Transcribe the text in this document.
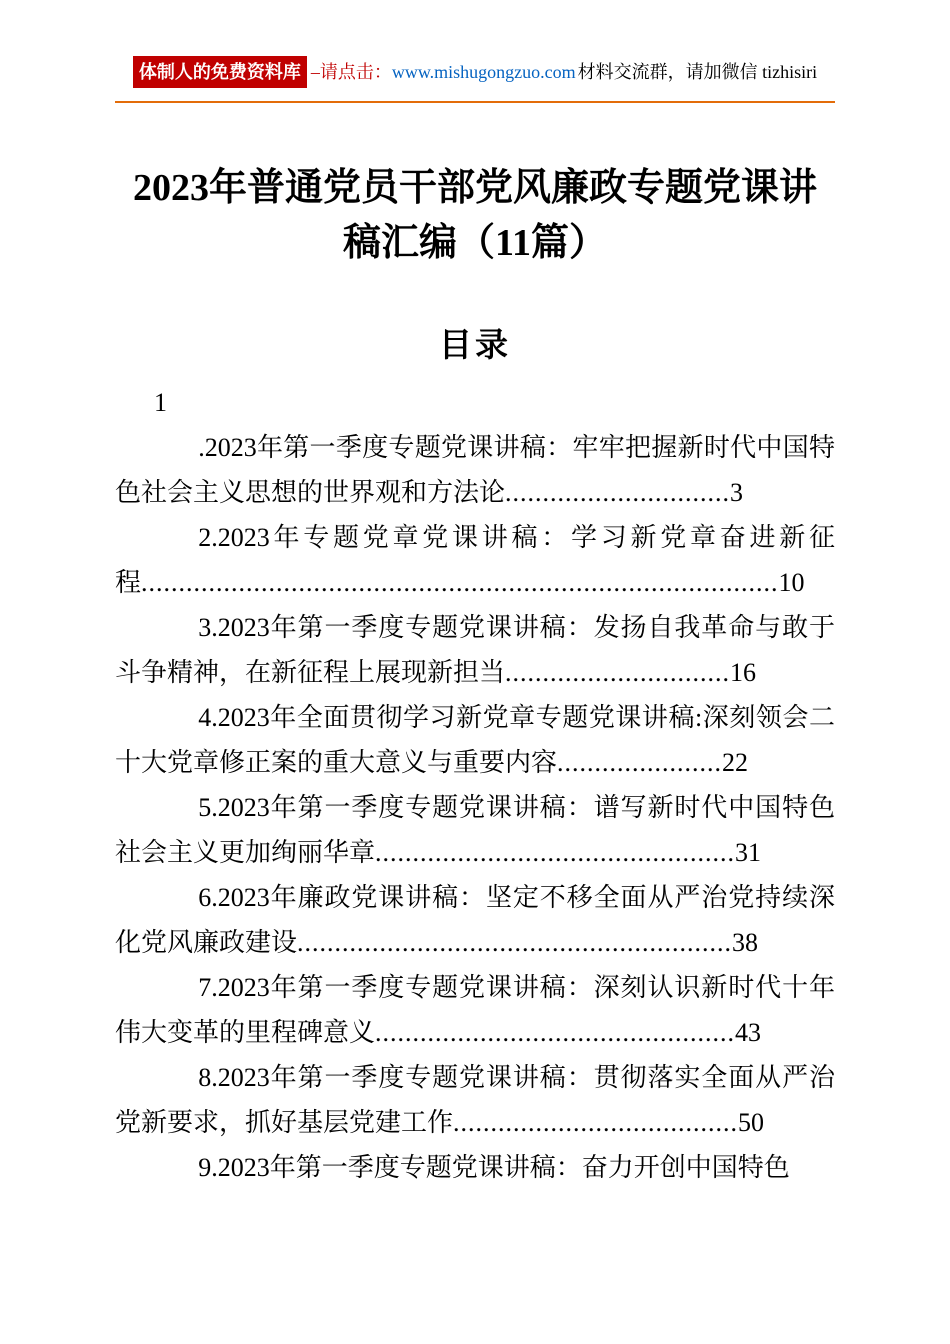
体制人的免费资料库 –请点击： www.mishugongzuo.com 材料交流群，请加微信 tizhisiri
2023年普通党员干部党风廉政专题党课讲稿汇编（11篇）
目录

1

.2023年第一季度专题党课讲稿：牢牢把握新时代中国特色社会主义思想的世界观和方法论..............................3

2.2023年专题党章党课讲稿：学习新党章奋进新征程.....................................................................................10

3.2023年第一季度专题党课讲稿：发扬自我革命与敢于斗争精神，在新征程上展现新担当..............................16

4.2023年全面贯彻学习新党章专题党课讲稿:深刻领会二十大党章修正案的重大意义与重要内容......................22

5.2023年第一季度专题党课讲稿：谱写新时代中国特色社会主义更加绚丽华章................................................31

6.2023年廉政党课讲稿：坚定不移全面从严治党持续深化党风廉政建设..........................................................38

7.2023年第一季度专题党课讲稿：深刻认识新时代十年伟大变革的里程碑意义................................................43

8.2023年第一季度专题党课讲稿：贯彻落实全面从严治党新要求，抓好基层党建工作......................................50

9.2023年第一季度专题党课讲稿：奋力开创中国特色
